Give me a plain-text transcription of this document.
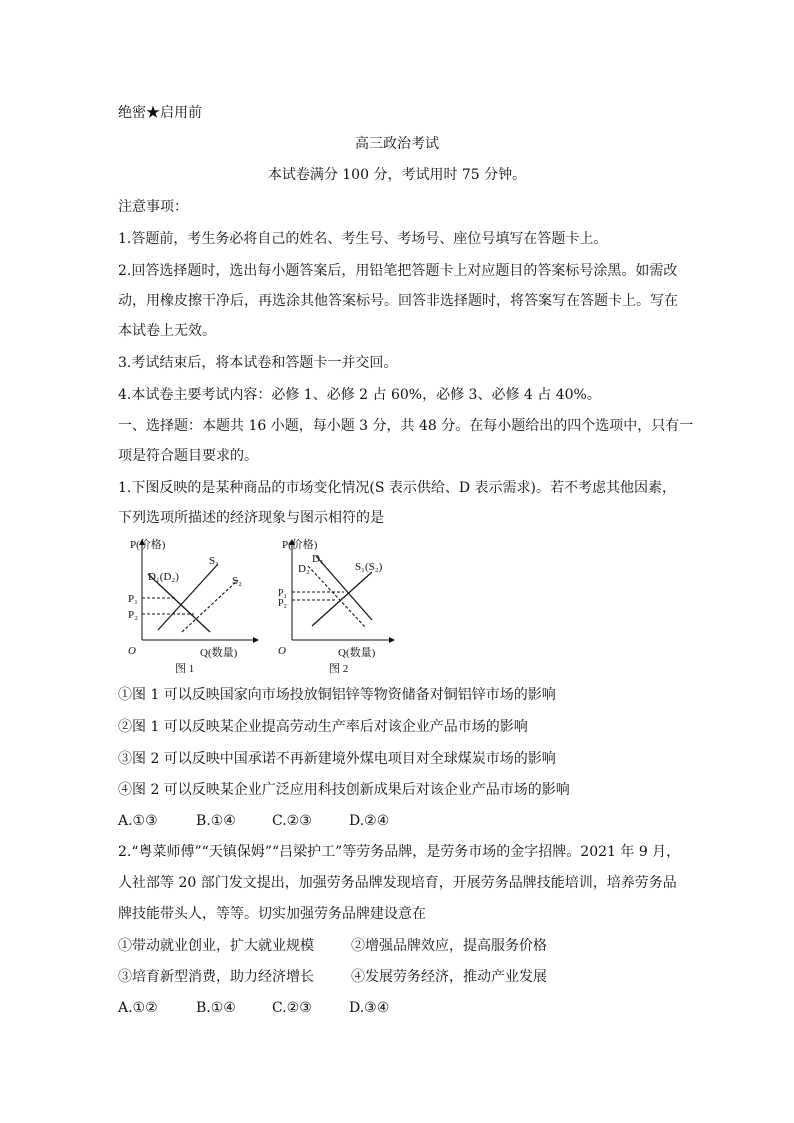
绝密★启用前
高三政治考试
本试卷满分 100 分，考试用时 75 分钟。
注意事项：
1.答题前，考生务必将自己的姓名、考生号、考场号、座位号填写在答题卡上。
2.回答选择题时，选出每小题答案后，用铅笔把答题卡上对应题目的答案标号涂黑。如需改
动，用橡皮擦干净后，再选涂其他答案标号。回答非选择题时，将答案写在答题卡上。写在
本试卷上无效。
3.考试结束后，将本试卷和答题卡一并交回。
4.本试卷主要考试内容：必修 1、必修 2 占 60%，必修 3、必修 4 占 40%。
一、选择题：本题共 16 小题，每小题 3 分，共 48 分。在每小题给出的四个选项中，只有一
项是符合题目要求的。
1.下图反映的是某种商品的市场变化情况(S 表示供给、D 表示需求)。若不考虑其他因素，
下列选项所描述的经济现象与图示相符的是
P(价格)
Q(数量)
O
D₁(D₂)
S₁
S₂
P₁
P₂
图 1
P(价格)
Q(数量)
O
D₁
D₂	S₁(S₂)
P₁
P₂
图 2
①图 1 可以反映国家向市场投放铜铝锌等物资储备对铜铝锌市场的影响
②图 1 可以反映某企业提高劳动生产率后对该企业产品市场的影响
③图 2 可以反映中国承诺不再新建境外煤电项目对全球煤炭市场的影响
④图 2 可以反映某企业广泛应用科技创新成果后对该企业产品市场的影响
A.①③	B.①④	C.②③	D.②④
2.“粤菜师傅”“天镇保姆”“吕梁护工”等劳务品牌，是劳务市场的金字招牌。2021 年 9 月，
人社部等 20 部门发文提出，加强劳务品牌发现培育，开展劳务品牌技能培训，培养劳务品
牌技能带头人，等等。切实加强劳务品牌建设意在
①带动就业创业，扩大就业规模	②增强品牌效应，提高服务价格
③培育新型消费，助力经济增长	④发展劳务经济，推动产业发展
A.①②	B.①④	C.②③	D.③④
